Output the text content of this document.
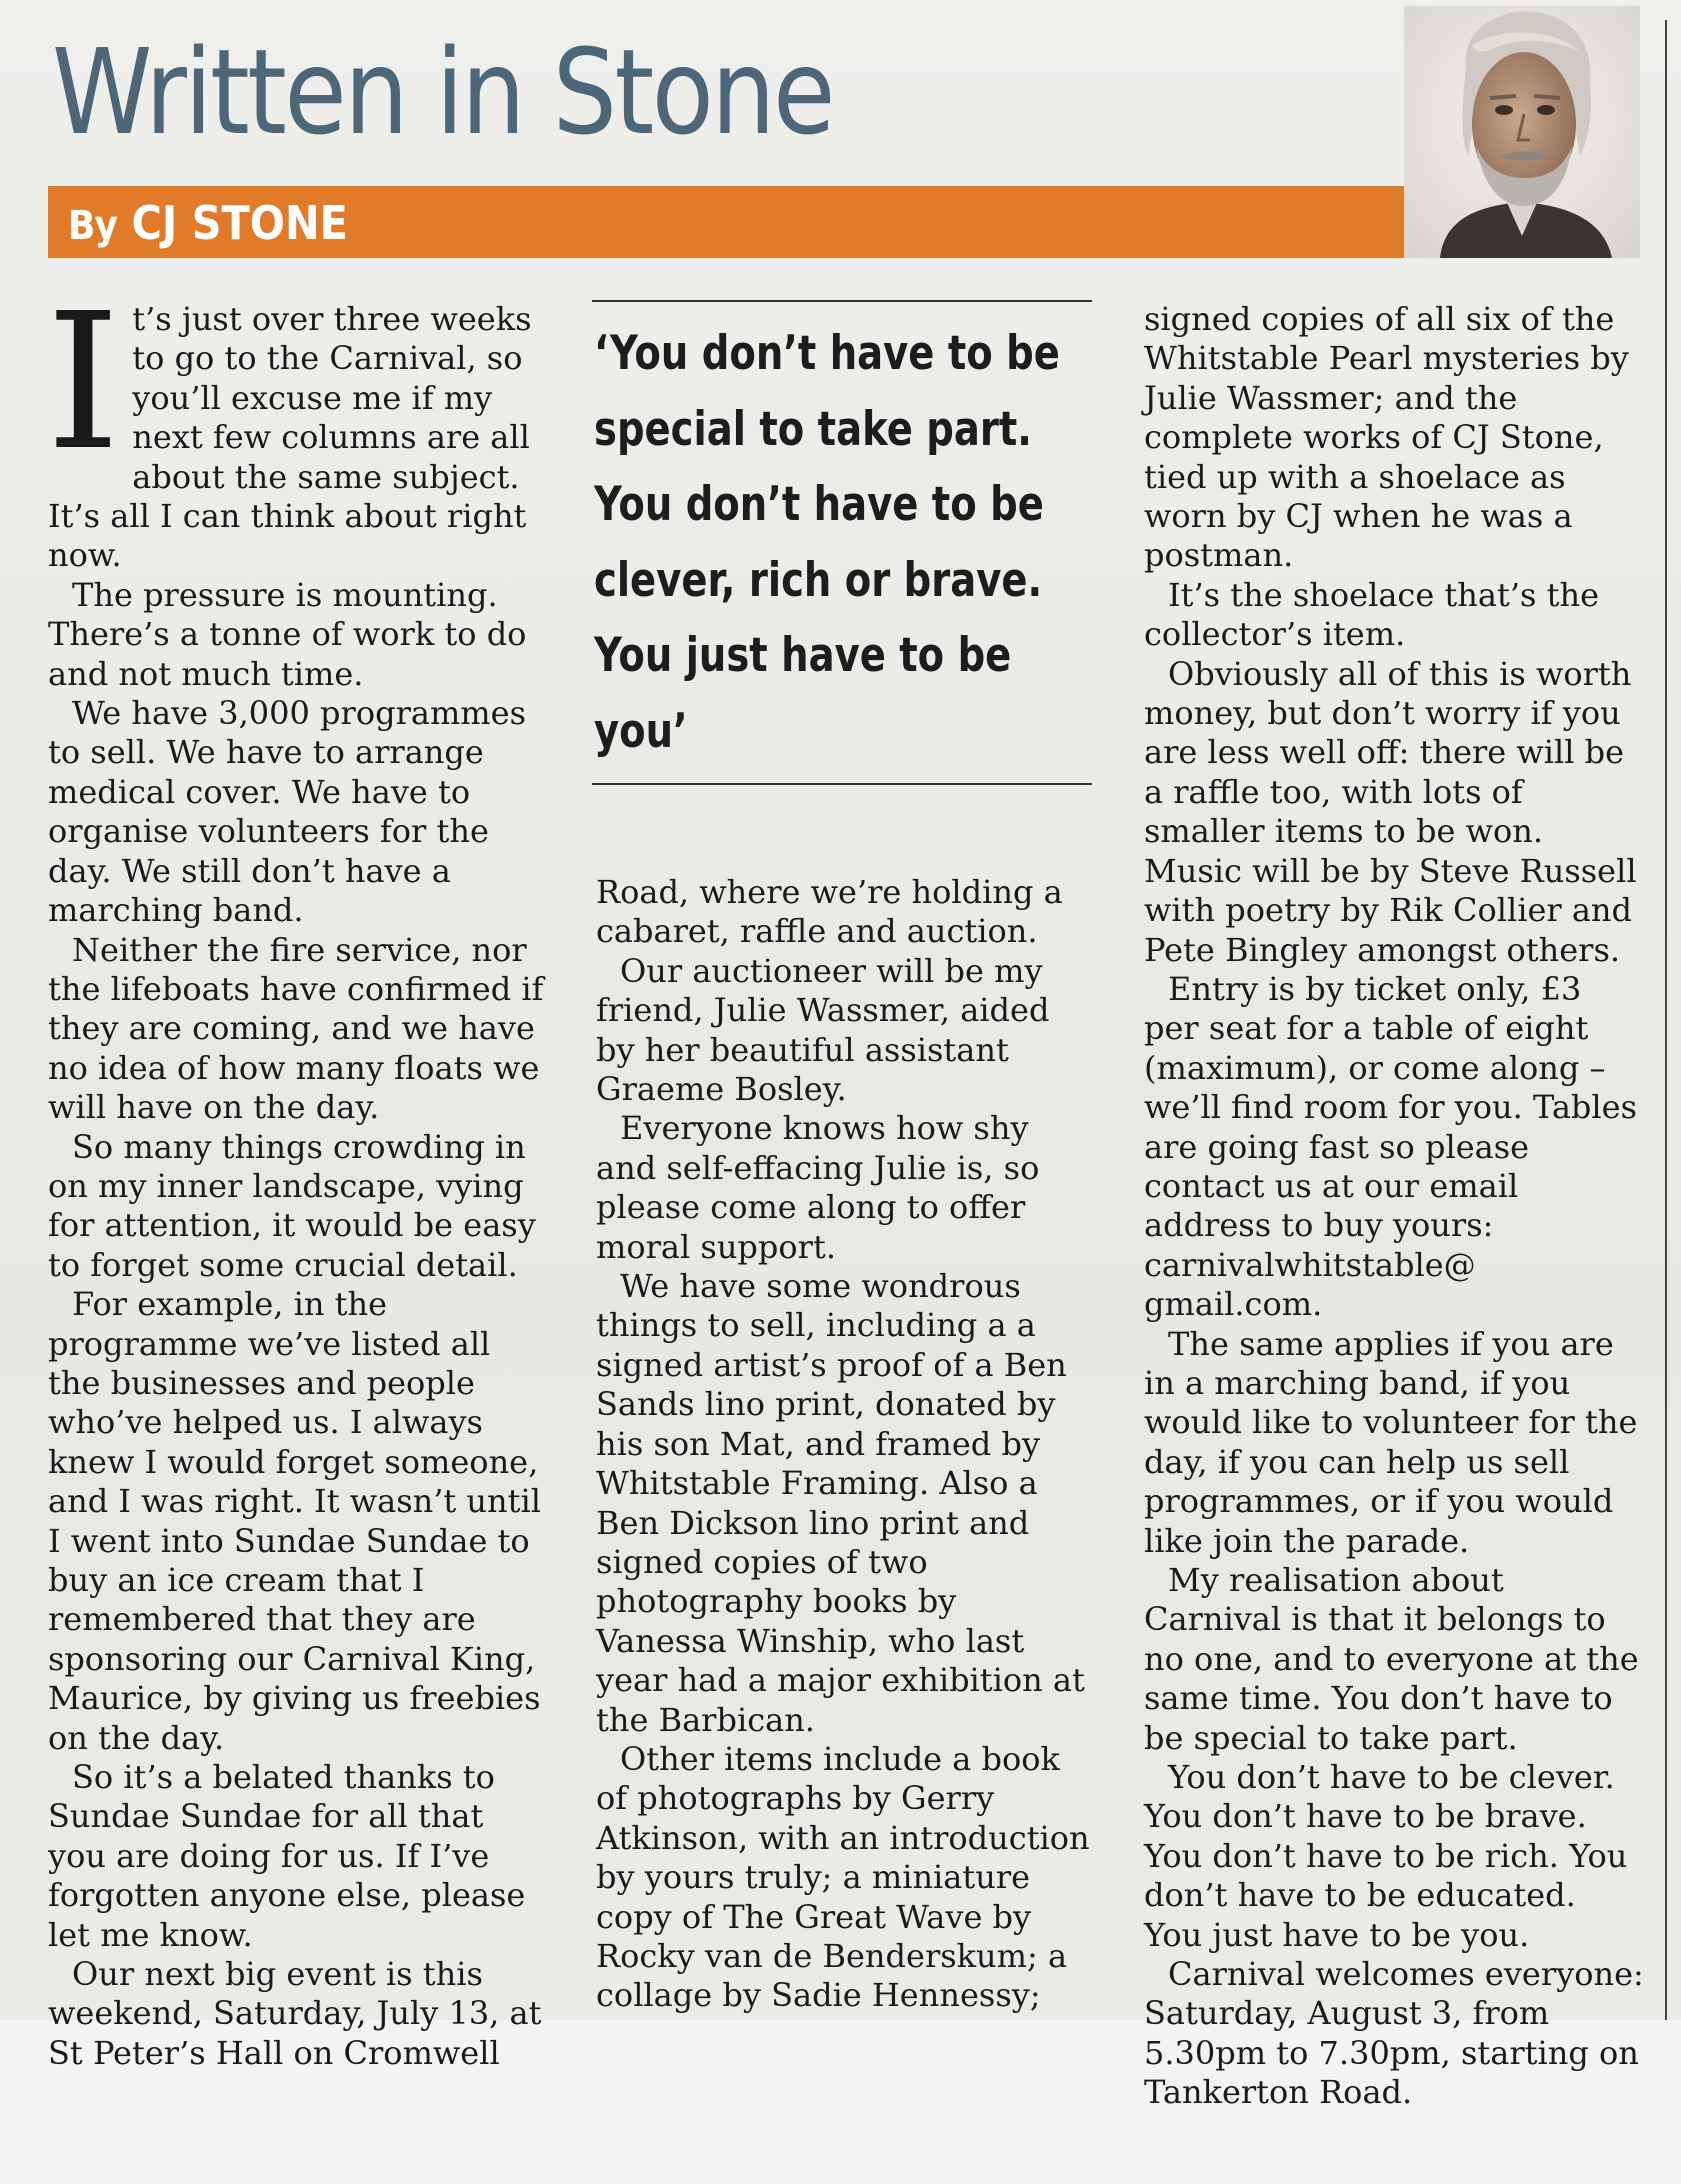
Written in Stone
By CJ STONE

It’s just over three weeks to go to the Carnival, so you’ll excuse me if my next few columns are all about the same subject. It’s all I can think about right now.

The pressure is mounting. There’s a tonne of work to do and not much time.

We have 3,000 programmes to sell. We have to arrange medical cover. We have to organise volunteers for the day. We still don’t have a marching band.

Neither the fire service, nor the lifeboats have confirmed if they are coming, and we have no idea of how many floats we will have on the day.

So many things crowding in on my inner landscape, vying for attention, it would be easy to forget some crucial detail.

For example, in the programme we’ve listed all the businesses and people who’ve helped us. I always knew I would forget someone, and I was right. It wasn’t until I went into Sundae Sundae to buy an ice cream that I remembered that they are sponsoring our Carnival King, Maurice, by giving us freebies on the day.

So it’s a belated thanks to Sundae Sundae for all that you are doing for us. If I’ve forgotten anyone else, please let me know.

Our next big event is this weekend, Saturday, July 13, at St Peter’s Hall on Cromwell

‘You don’t have to be special to take part. You don’t have to be clever, rich or brave. You just have to be you’

Road, where we’re holding a cabaret, raffle and auction.

Our auctioneer will be my friend, Julie Wassmer, aided by her beautiful assistant Graeme Bosley.

Everyone knows how shy and self-effacing Julie is, so please come along to offer moral support.

We have some wondrous things to sell, including a a signed artist’s proof of a Ben Sands lino print, donated by his son Mat, and framed by Whitstable Framing. Also a Ben Dickson lino print and signed copies of two photography books by Vanessa Winship, who last year had a major exhibition at the Barbican.

Other items include a book of photographs by Gerry Atkinson, with an introduction by yours truly; a miniature copy of The Great Wave by Rocky van de Benderskum; a collage by Sadie Hennessy;

signed copies of all six of the Whitstable Pearl mysteries by Julie Wassmer; and the complete works of CJ Stone, tied up with a shoelace as worn by CJ when he was a postman.

It’s the shoelace that’s the collector’s item.

Obviously all of this is worth money, but don’t worry if you are less well off: there will be a raffle too, with lots of smaller items to be won. Music will be by Steve Russell with poetry by Rik Collier and Pete Bingley amongst others.

Entry is by ticket only, £3 per seat for a table of eight (maximum), or come along – we’ll find room for you. Tables are going fast so please contact us at our email address to buy yours: carnivalwhitstable@ gmail.com.

The same applies if you are in a marching band, if you would like to volunteer for the day, if you can help us sell programmes, or if you would like join the parade.

My realisation about Carnival is that it belongs to no one, and to everyone at the same time. You don’t have to be special to take part.

You don’t have to be clever. You don’t have to be brave. You don’t have to be rich. You don’t have to be educated. You just have to be you.

Carnival welcomes everyone: Saturday, August 3, from 5.30pm to 7.30pm, starting on Tankerton Road.
